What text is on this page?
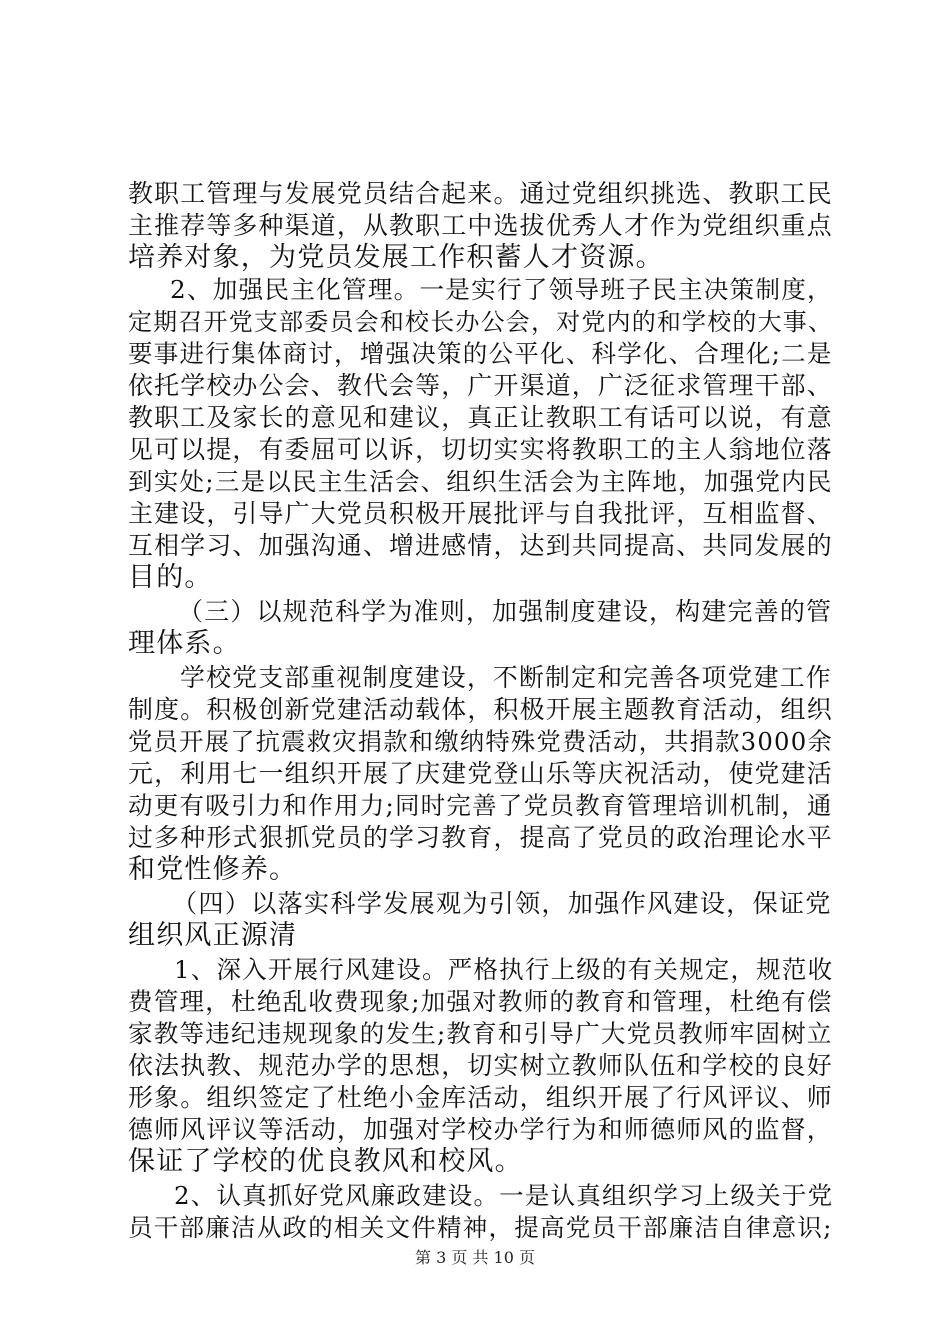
教职工管理与发展党员结合起来。通过党组织挑选、教职工民
主推荐等多种渠道，从教职工中选拔优秀人才作为党组织重点
培养对象，为党员发展工作积蓄人才资源。
2、加强民主化管理。一是实行了领导班子民主决策制度，
定期召开党支部委员会和校长办公会，对党内的和学校的大事、
要事进行集体商讨，增强决策的公平化、科学化、合理化;二是
依托学校办公会、教代会等，广开渠道，广泛征求管理干部、
教职工及家长的意见和建议，真正让教职工有话可以说，有意
见可以提，有委屈可以诉，切切实实将教职工的主人翁地位落
到实处;三是以民主生活会、组织生活会为主阵地，加强党内民
主建设，引导广大党员积极开展批评与自我批评，互相监督、
互相学习、加强沟通、增进感情，达到共同提高、共同发展的
目的。
（三）以规范科学为准则，加强制度建设，构建完善的管
理体系。
学校党支部重视制度建设，不断制定和完善各项党建工作
制度。积极创新党建活动载体，积极开展主题教育活动，组织
党员开展了抗震救灾捐款和缴纳特殊党费活动，共捐款3000余
元，利用七一组织开展了庆建党登山乐等庆祝活动，使党建活
动更有吸引力和作用力;同时完善了党员教育管理培训机制，通
过多种形式狠抓党员的学习教育，提高了党员的政治理论水平
和党性修养。
（四）以落实科学发展观为引领，加强作风建设，保证党
组织风正源清
1、深入开展行风建设。严格执行上级的有关规定，规范收
费管理，杜绝乱收费现象;加强对教师的教育和管理，杜绝有偿
家教等违纪违规现象的发生;教育和引导广大党员教师牢固树立
依法执教、规范办学的思想，切实树立教师队伍和学校的良好
形象。组织签定了杜绝小金库活动，组织开展了行风评议、师
德师风评议等活动，加强对学校办学行为和师德师风的监督，
保证了学校的优良教风和校风。
2、认真抓好党风廉政建设。一是认真组织学习上级关于党
员干部廉洁从政的相关文件精神，提高党员干部廉洁自律意识;
第 3 页 共 10 页
